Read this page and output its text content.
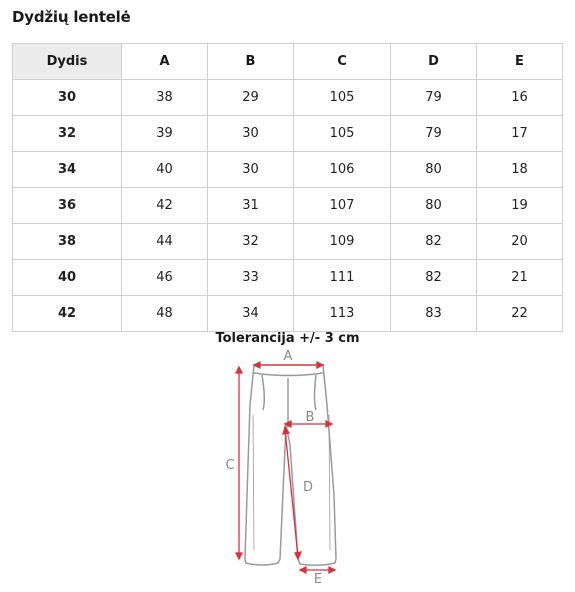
Dydžių lentelė
Dydis	A	B	C	D	E
30	38	29	105	79	16
32	39	30	105	79	17
34	40	30	106	80	18
36	42	31	107	80	19
38	44	32	109	82	20
40	46	33	111	82	21
42	48	34	113	83	22
Tolerancija +/- 3 cm
A
B
C
D
E
